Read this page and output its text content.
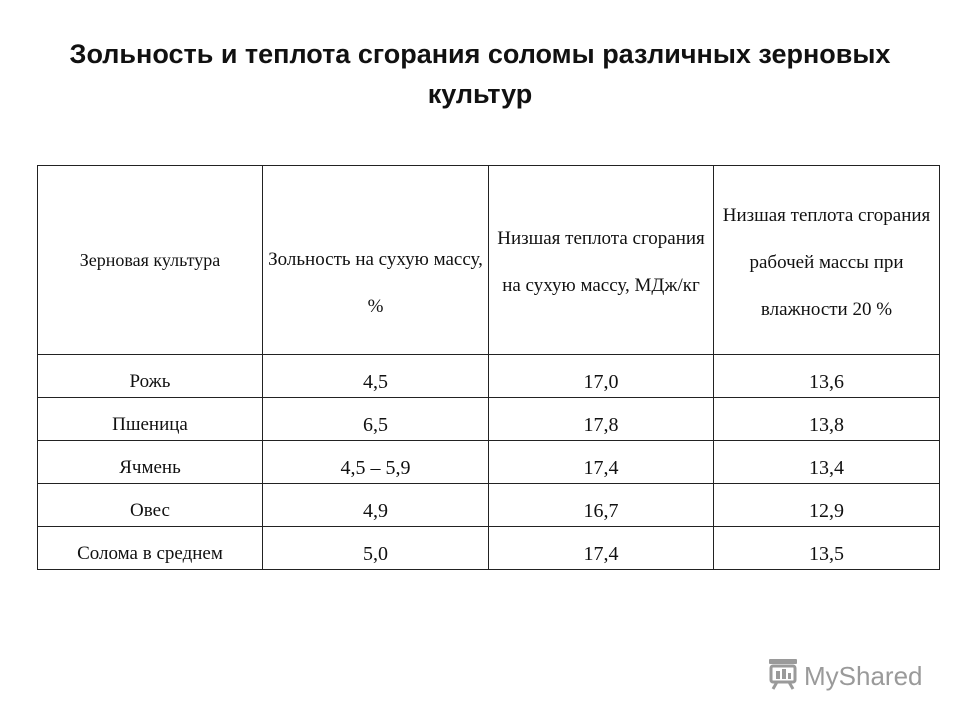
Зольность и теплота сгорания соломы различных зерновых культур
Зерновая культура	Зольность на сухую массу, %	Низшая теплота сгорания на сухую массу, МДж/кг	Низшая теплота сгорания рабочей массы при влажности 20 %
Рожь	4,5	17,0	13,6
Пшеница	6,5	17,8	13,8
Ячмень	4,5 – 5,9	17,4	13,4
Овес	4,9	16,7	12,9
Солома в среднем	5,0	17,4	13,5
MyShared
